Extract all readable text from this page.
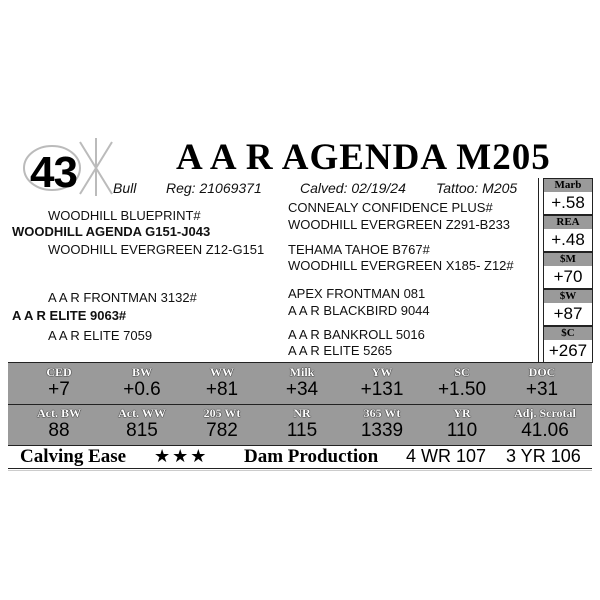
43	A A R AGENDA M205
Bull Reg: 21069371	Calved: 02/19/24 Tattoo: M205
WOODHILL BLUEPRINT#
WOODHILL AGENDA G151-J043
WOODHILL EVERGREEN Z12-G151
A A R FRONTMAN 3132#
A A R ELITE 9063#
A A R ELITE 7059
CONNEALY CONFIDENCE PLUS#
WOODHILL EVERGREEN Z291-B233
TEHAMA TAHOE B767#
WOODHILL EVERGREEN X185- Z12#
APEX FRONTMAN 081
A A R BLACKBIRD 9044
A A R BANKROLL 5016
A A R ELITE 5265
Marb
+.58
REA
+.48
$M
+70
$W
+87
$C
+267
CED
+7
BW
+0.6
WW
+81
Milk
+34
YW
+131
SC
+1.50
DOC
+31
Act. BW
88
Act. WW
815
205 Wt
782
NR
115
365 Wt
1339
YR
110
Adj. Scrotal
41.06
Calving Ease ★★★ Dam Production 4 WR 107 3 YR 106
